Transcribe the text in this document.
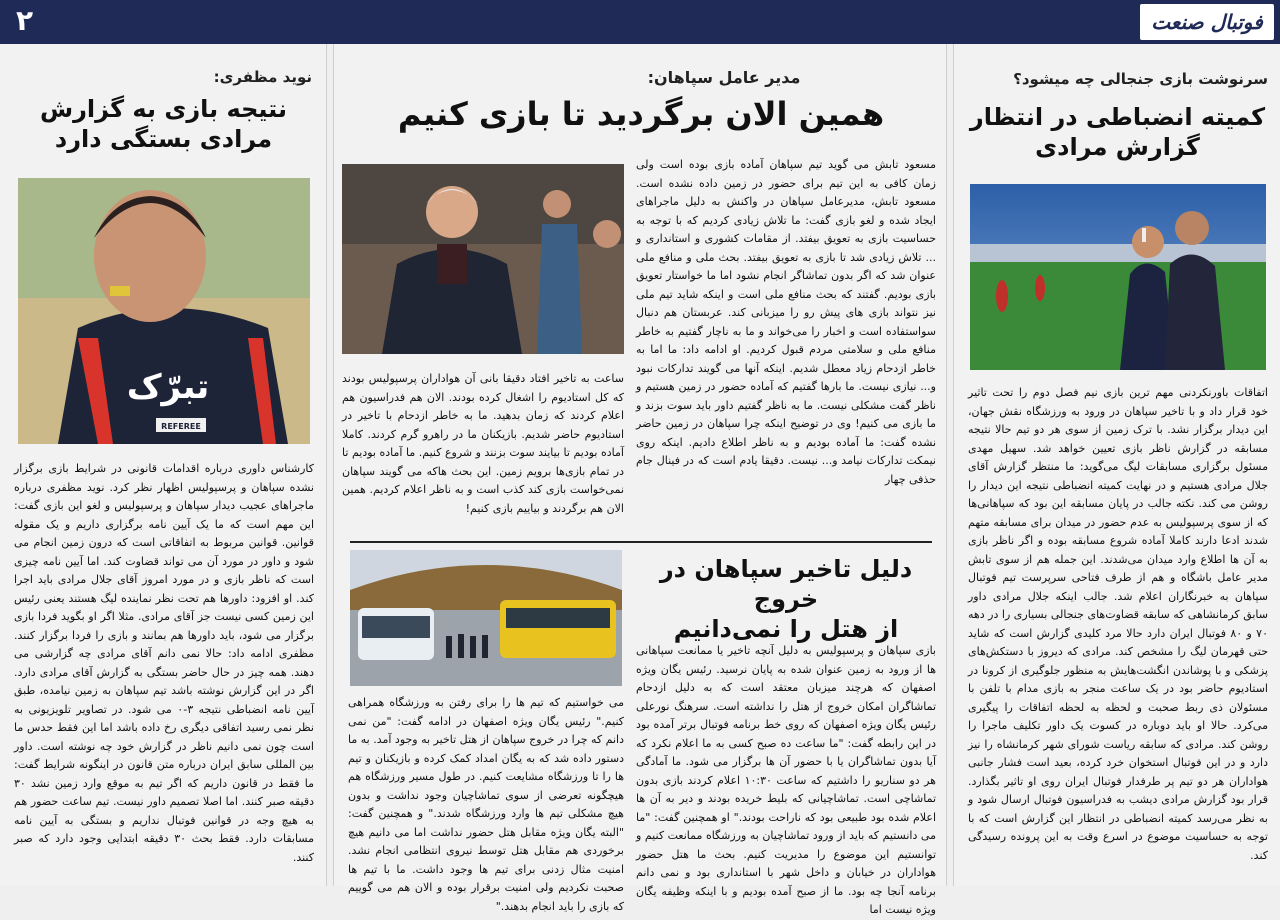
۲	فوتبال صنعت
سرنوشت بازی جنجالی چه میشود؟
کمیته انضباطی در انتظار
گزارش مرادی
اتفاقات باورنکردنی مهم ترین بازی نیم فصل دوم را تحت تاثیر خود قرار داد و با تاخیر سپاهان در ورود به ورزشگاه نقش جهان، این دیدار برگزار نشد. با ترک زمین از سوی هر دو تیم حالا نتیجه مسابقه در گزارش ناظر بازی تعیین خواهد شد. سهیل مهدی مسئول برگزاری مسابقات لیگ می‌گوید: ما منتظر گزارش آقای جلال مرادی هستیم و در نهایت کمیته انضباطی نتیجه این دیدار را روشن می کند. نکته جالب در پایان مسابقه این بود که سپاهانی‌ها که از سوی پرسپولیس به عدم حضور در میدان برای مسابقه متهم شدند ادعا دارند کاملا آماده شروع مسابقه بوده و اگر ناظر بازی به آن ها اطلاع وارد میدان می‌شدند. این جمله هم از سوی تابش مدیر عامل باشگاه و هم از طرف فتاحی سرپرست تیم فوتبال سپاهان به خبرنگاران اعلام شد. جالب اینکه جلال مرادی داور سابق کرمانشاهی که سابقه قضاوت‌های جنجالی بسیاری را در دهه ۷۰ و ۸۰ فوتبال ایران دارد حالا مرد کلیدی گزارش است که شاید حتی قهرمان لیگ را مشخص کند. مرادی که دیروز با دستکش‌های پزشکی و با پوشاندن انگشت‌هایش به منظور جلوگیری از کرونا در استادیوم حاضر بود در یک ساعت منجر به بازی مدام با تلفن با مسئولان ذی ربط صحبت و لحظه به لحظه اتفاقات را پیگیری می‌کرد. حالا او باید دوباره در کسوت یک داور تکلیف ماجرا را روشن کند. مرادی که سابقه ریاست شورای شهر کرمانشاه را نیز دارد و در این فوتبال استخوان خرد کرده، بعید است فشار جانبی هواداران هر دو تیم پر طرفدار فوتبال ایران روی او تاثیر بگذارد. قرار بود گزارش مرادی دیشب به فدراسیون فوتبال ارسال شود و به نظر می‌رسد کمیته انضباطی در انتظار این گزارش است که با توجه به حساسیت موضوع در اسرع وقت به این پرونده رسیدگی کند.
مدیر عامل سپاهان:
همین الان برگردید تا بازی کنیم
مسعود تابش می گوید تیم سپاهان آماده بازی بوده است ولی زمان کافی به این تیم برای حضور در زمین داده نشده است. مسعود تابش، مدیرعامل سپاهان در واکنش به دلیل ماجراهای ایجاد شده و لغو بازی گفت: ما تلاش زیادی کردیم که با توجه به حساسیت بازی به تعویق بیفتد. از مقامات کشوری و استانداری و ... تلاش زیادی شد تا بازی به تعویق بیفتد. بحث ملی و منافع ملی عنوان شد که اگر بدون تماشاگر انجام نشود اما ما خواستار تعویق بازی بودیم. گفتند که بحث منافع ملی است و اینکه شاید تیم ملی نیز نتواند بازی های پیش رو را میزبانی کند. عربستان هم دنبال سواستفاده است و اخبار را می‌خواند و ما به ناچار گفتیم به خاطر منافع ملی و سلامتی مردم قبول کردیم. او ادامه داد: ما اما به خاطر ازدحام زیاد معطل شدیم. اینکه آنها می گویند تدارکات نبود و... نیازی نیست. ما بارها گفتیم که آماده حضور در زمین هستیم و ناظر گفت مشکلی نیست. ما به ناظر گفتیم داور باید سوت بزند و ما بازی می کنیم! وی در توضیح اینکه چرا سپاهان در زمین حاضر نشده گفت: ما آماده بودیم و به ناظر اطلاع دادیم. اینکه روی نیمکت تدارکات نیامد و... نیست. دقیقا یادم است که در فینال جام حذفی چهار
ساعت به تاخیر افتاد دقیقا بانی آن هواداران پرسپولیس بودند که کل استادیوم را اشغال کرده بودند. الان هم فدراسیون هم اعلام کردند که زمان بدهید. ما به خاطر ازدحام با تاخیر در استادیوم حاضر شدیم. بازیکنان ما در راهرو گرم کردند. کاملا آماده بودیم تا بیایند سوت بزنند و شروع کنیم. ما آماده بودیم تا در تمام بازی‌ها برویم زمین. این بحث هاکه می گویند سپاهان نمی‌خواست بازی کند کذب است و به ناظر اعلام کردیم. همین الان هم برگردند و بیاییم بازی کنیم!
دلیل تاخیر سپاهان در خروج
از هتل را نمی‌دانیم
بازی سپاهان و پرسپولیس به دلیل آنچه تاخیر یا ممانعت سپاهانی ها از ورود به زمین عنوان شده به پایان نرسید. رئیس یگان ویژه اصفهان که هرچند میزبان معتقد است که به دلیل ازدحام تماشاگران امکان خروج از هتل را نداشته است. سرهنگ نورعلی رئیس یگان ویژه اصفهان که روی خط برنامه فوتبال برتر آمده بود در این رابطه گفت: "ما ساعت ده صبح کسی به ما اعلام نکرد که آیا بدون تماشاگران یا با حضور آن ها برگزار می شود. ما آمادگی هر دو سناریو را داشتیم که ساعت ۱۰:۳۰ اعلام کردند بازی بدون تماشاچی است. تماشاچیانی که بلیط خریده بودند و دیر به آن ها اعلام شده بود طبیعی بود که ناراحت بودند." او همچنین گفت: "ما می دانستیم که باید از ورود تماشاچیان به ورزشگاه ممانعت کنیم و توانستیم این موضوع را مدیریت کنیم. بحث ما هتل حضور هواداران در خیابان و داخل شهر با استانداری بود و نمی دانم برنامه آنجا چه بود. ما از صبح آمده بودیم و با اینکه وظیفه یگان ویژه نیست اما
می خواستیم که تیم ها را برای رفتن به ورزشگاه همراهی کنیم." رئیس یگان ویژه اصفهان در ادامه گفت: "من نمی دانم که چرا در خروج سپاهان از هتل تاخیر به وجود آمد. به ما دستور داده شد که به یگان امداد کمک کرده و بازیکنان و تیم ها را تا ورزشگاه مشایعت کنیم. در طول مسیر ورزشگاه هم هیچگونه تعرضی از سوی تماشاچیان وجود نداشت و بدون هیچ مشکلی تیم ها وارد ورزشگاه شدند." و همچنین گفت: "البته یگان ویژه مقابل هتل حضور نداشت اما می دانیم هیچ برخوردی هم مقابل هتل توسط نیروی انتظامی انجام نشد. امنیت مثال زدنی برای تیم ها وجود داشت. ما با تیم ها صحبت نکردیم ولی امنیت برقرار بوده و الان هم می گوییم که بازی را باید انجام بدهند."
نوید مظفری:
نتیجه بازی به گزارش
مرادی بستگی دارد
تبرّک
REFEREE
کارشناس داوری درباره اقدامات قانونی در شرایط بازی برگزار نشده سپاهان و پرسپولیس اظهار نظر کرد. نوید مظفری درباره ماجراهای عجیب دیدار سپاهان و پرسپولیس و لغو این بازی گفت: این مهم است که ما یک آیین نامه برگزاری داریم و یک مقوله قوانین. قوانین مربوط به اتفاقاتی است که درون زمین انجام می شود و داور در مورد آن می تواند قضاوت کند. اما آیین نامه چیزی است که ناظر بازی و در مورد امروز آقای جلال مرادی باید اجرا کند. او افزود: داورها هم تحت نظر نماینده لیگ هستند یعنی رئیس این زمین کسی نیست جز آقای مرادی. مثلا اگر او بگوید فردا بازی برگزار می شود، باید داورها هم بمانند و بازی را فردا برگزار کنند. مظفری ادامه داد: حالا نمی دانم آقای مرادی چه گزارشی می دهند. همه چیز در حال حاضر بستگی به گزارش آقای مرادی دارد. اگر در این گزارش نوشته باشد تیم سپاهان به زمین نیامده، طبق آیین نامه انضباطی نتیجه ۳-۰ می شود. در تصاویر تلویزیونی به نظر نمی رسید اتفاقی دیگری رخ داده باشد اما این فقط حدس ما است چون نمی دانیم ناظر در گزارش خود چه نوشته است. داور بین المللی سابق ایران درباره متن قانون در اینگونه شرایط گفت: ما فقط در قانون داریم که اگر تیم به موقع وارد زمین نشد ۳۰ دقیقه صبر کنند. اما اصلا تصمیم داور نیست. تیم ساعت حضور هم به هیچ وجه در قوانین فوتبال نداریم و بستگی به آیین نامه مسابقات دارد. فقط بحث ۳۰ دقیقه ابتدایی وجود دارد که صبر کنند.
